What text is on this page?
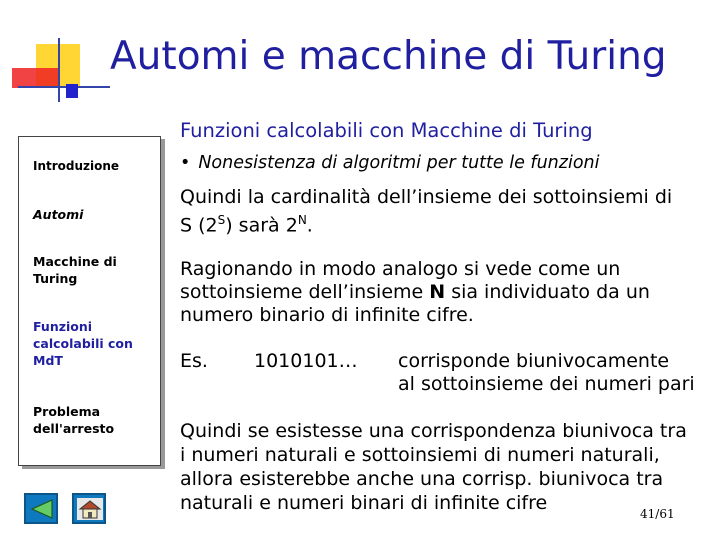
Automi e macchine di Turing
Introduzione
Automi
Macchine di Turing
Funzioni calcolabili con MdT
Problema dell'arresto
Funzioni calcolabili con Macchine di Turing
• Nonesistenza di algoritmi per tutte le funzioni
Quindi la cardinalità dell’insieme dei sottoinsiemi di
S $(2^S)$ sarà $2^N$.
Ragionando in modo analogo si vede come un
sottoinsieme dell’insieme N sia individuato da un
numero binario di infinite cifre.
Es. 1010101… corrisponde biunivocamente
al sottoinsieme dei numeri pari
Quindi se esistesse una corrispondenza biunivoca tra
i numeri naturali e sottoinsiemi di numeri naturali,
allora esisterebbe anche una corrisp. biunivoca tra
naturali e numeri binari di infinite cifre	41/61
